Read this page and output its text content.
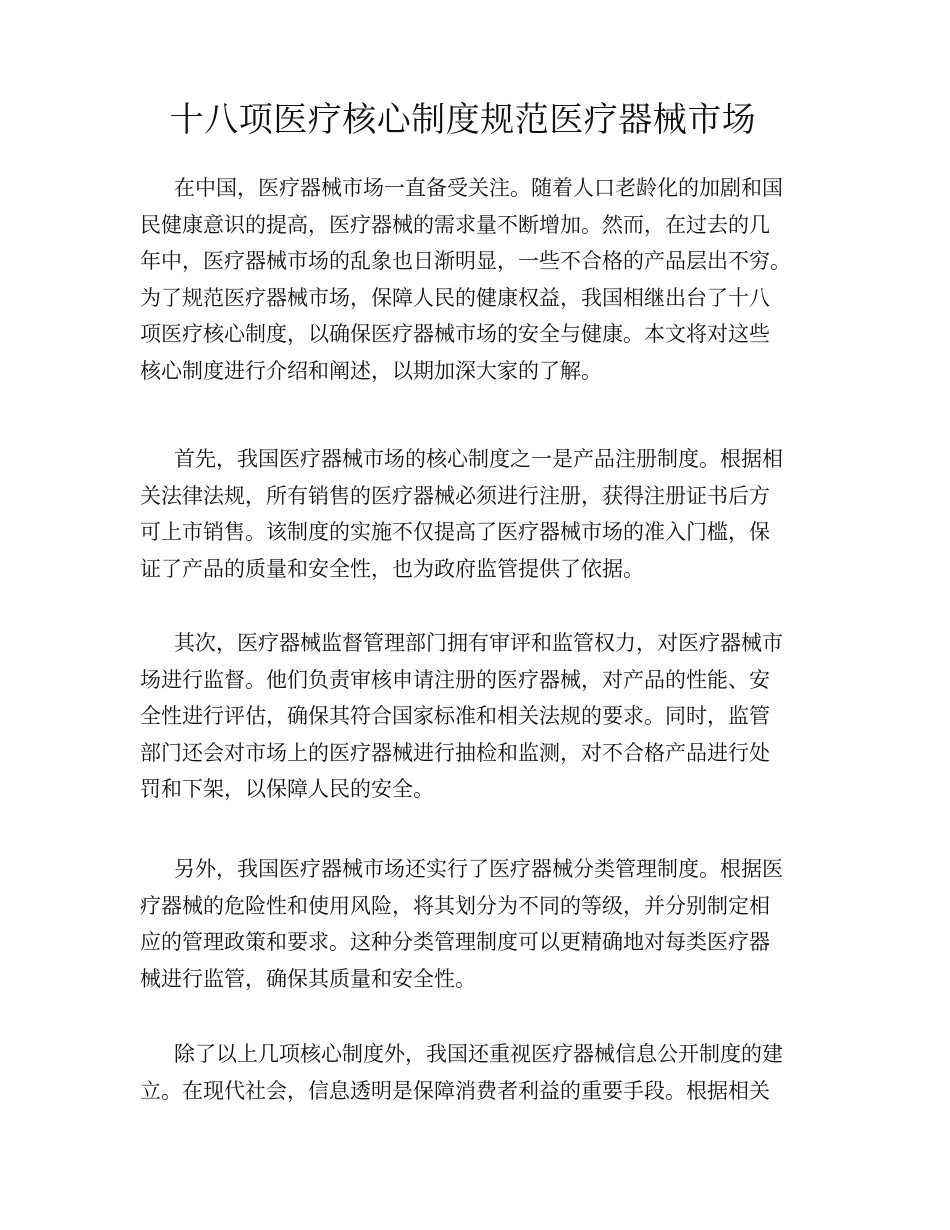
十八项医疗核心制度规范医疗器械市场
在中国，医疗器械市场一直备受关注。随着人口老龄化的加剧和国
民健康意识的提高，医疗器械的需求量不断增加。然而，在过去的几
年中，医疗器械市场的乱象也日渐明显，一些不合格的产品层出不穷。
为了规范医疗器械市场，保障人民的健康权益，我国相继出台了十八
项医疗核心制度，以确保医疗器械市场的安全与健康。本文将对这些
核心制度进行介绍和阐述，以期加深大家的了解。
首先，我国医疗器械市场的核心制度之一是产品注册制度。根据相
关法律法规，所有销售的医疗器械必须进行注册，获得注册证书后方
可上市销售。该制度的实施不仅提高了医疗器械市场的准入门槛，保
证了产品的质量和安全性，也为政府监管提供了依据。
其次，医疗器械监督管理部门拥有审评和监管权力，对医疗器械市
场进行监督。他们负责审核申请注册的医疗器械，对产品的性能、安
全性进行评估，确保其符合国家标准和相关法规的要求。同时，监管
部门还会对市场上的医疗器械进行抽检和监测，对不合格产品进行处
罚和下架，以保障人民的安全。
另外，我国医疗器械市场还实行了医疗器械分类管理制度。根据医
疗器械的危险性和使用风险，将其划分为不同的等级，并分别制定相
应的管理政策和要求。这种分类管理制度可以更精确地对每类医疗器
械进行监管，确保其质量和安全性。
除了以上几项核心制度外，我国还重视医疗器械信息公开制度的建
立。在现代社会，信息透明是保障消费者利益的重要手段。根据相关
